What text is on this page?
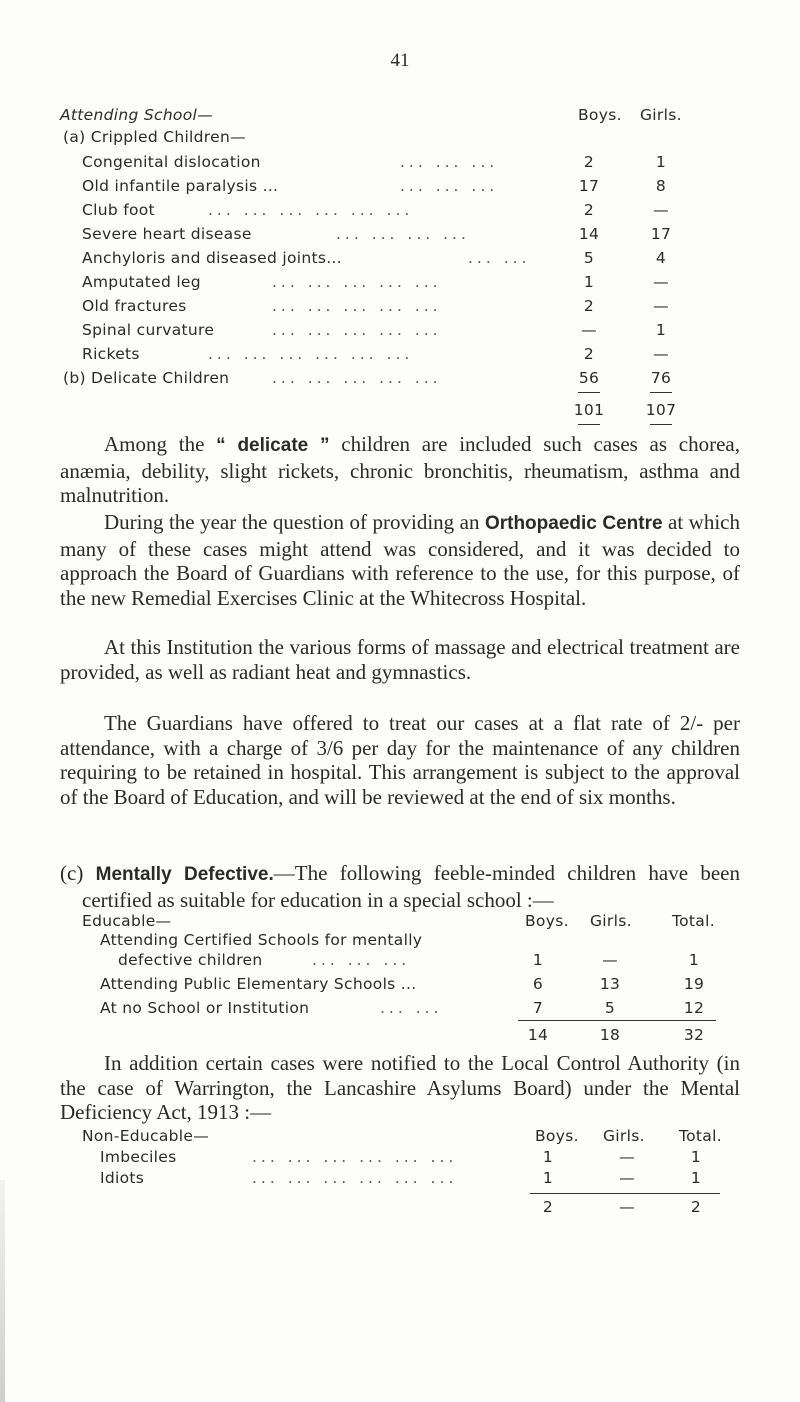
41
Attending School—	Boys. Girls.
(a) Crippled Children—
Congenital dislocation	... ... ...	2	1
Old infantile paralysis ...	... ... ...	17	8
Club foot	... ... ... ... ... ...	2	—
Severe heart disease	... ... ... ...	14	17
Anchyloris and diseased joints...	... ...	5	4
Amputated leg	... ... ... ... ...	1	—
Old fractures	... ... ... ... ...	2	—
Spinal curvature	... ... ... ... ...	—	1
Rickets	... ... ... ... ... ...	2	—
(b) Delicate Children	... ... ... ... ...	56	76
101	107
Among the “ delicate ” children are included such cases as chorea, anæmia, debility, slight rickets, chronic bronchitis, rheumatism, asthma and malnutrition.
During the year the question of providing an Orthopaedic Centre at which many of these cases might attend was considered, and it was decided to approach the Board of Guardians with reference to the use, for this purpose, of the new Remedial Exercises Clinic at the Whitecross Hospital.
At this Institution the various forms of massage and electrical treatment are provided, as well as radiant heat and gymnastics.
The Guardians have offered to treat our cases at a flat rate of 2/- per attendance, with a charge of 3/6 per day for the maintenance of any children requiring to be retained in hospital. This arrangement is subject to the approval of the Board of Education, and will be reviewed at the end of six months.
(c) Mentally Defective.—The following feeble-minded children have been certified as suitable for education in a special school :—
Educable—	Boys. Girls.	Total.
Attending Certified Schools for mentally
defective children	... ... ...	1	—	1
Attending Public Elementary Schools ...	6	13	19
At no School or Institution	... ...	7	5	12
14	18	32
In addition certain cases were notified to the Local Control Authority (in the case of Warrington, the Lancashire Asylums Board) under the Mental Deficiency Act, 1913 :—
Non-Educable—	Boys. Girls. Total.
Imbeciles	... ... ... ... ... ...	1	—	1
Idiots	... ... ... ... ... ...	1	—	1
2	—	2
